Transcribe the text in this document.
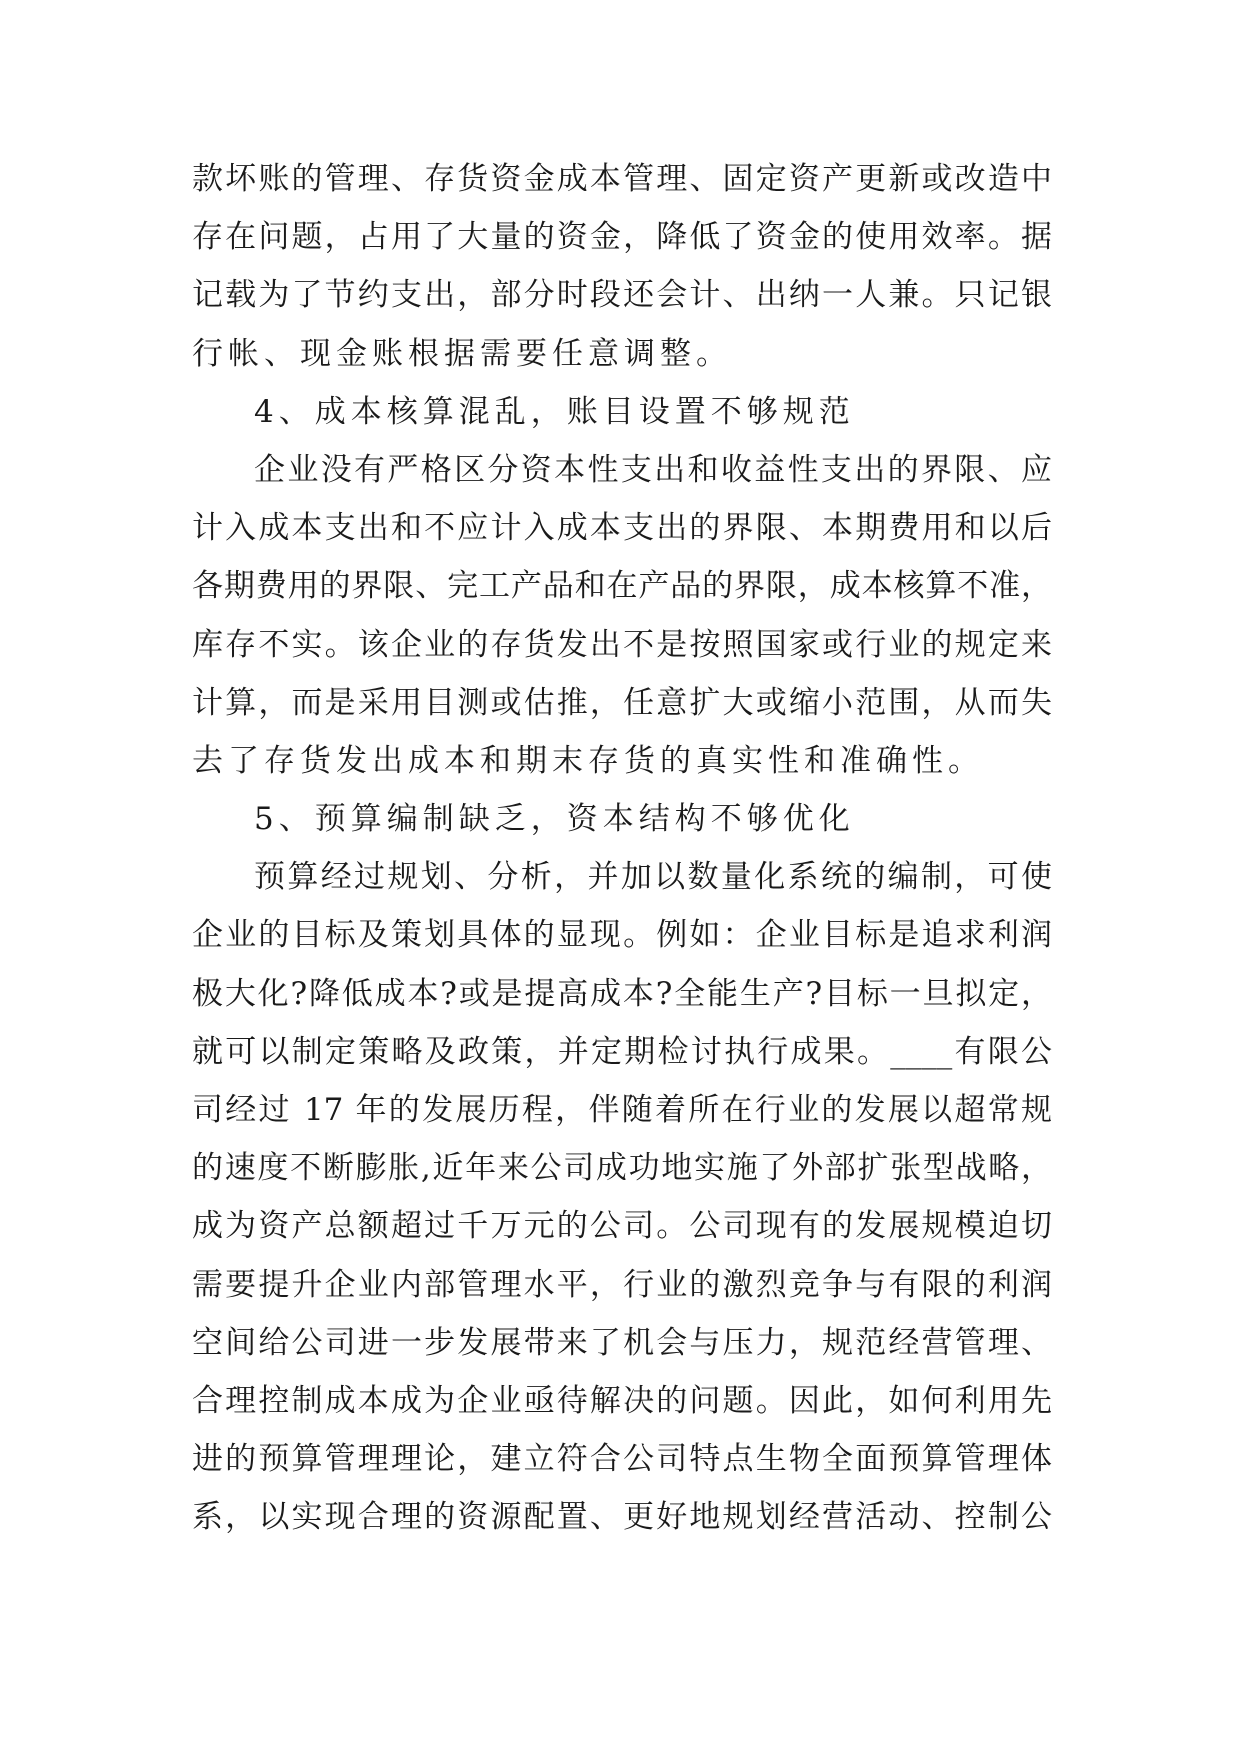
款坏账的管理、存货资金成本管理、固定资产更新或改造中
存在问题，占用了大量的资金，降低了资金的使用效率。据
记载为了节约支出，部分时段还会计、出纳一人兼。只记银
行帐、现金账根据需要任意调整。
4、成本核算混乱，账目设置不够规范
企业没有严格区分资本性支出和收益性支出的界限、应
计入成本支出和不应计入成本支出的界限、本期费用和以后
各期费用的界限、完工产品和在产品的界限，成本核算不准，
库存不实。该企业的存货发出不是按照国家或行业的规定来
计算，而是采用目测或估推，任意扩大或缩小范围，从而失
去了存货发出成本和期末存货的真实性和准确性。
5、预算编制缺乏，资本结构不够优化
预算经过规划、分析，并加以数量化系统的编制，可使
企业的目标及策划具体的显现。例如：企业目标是追求利润
极大化?降低成本?或是提高成本?全能生产?目标一旦拟定，
就可以制定策略及政策，并定期检讨执行成果。____有限公
司经过 17 年的发展历程，伴随着所在行业的发展以超常规
的速度不断膨胀,近年来公司成功地实施了外部扩张型战略，
成为资产总额超过千万元的公司。公司现有的发展规模迫切
需要提升企业内部管理水平，行业的激烈竞争与有限的利润
空间给公司进一步发展带来了机会与压力，规范经营管理、
合理控制成本成为企业亟待解决的问题。因此，如何利用先
进的预算管理理论，建立符合公司特点生物全面预算管理体
系，以实现合理的资源配置、更好地规划经营活动、控制公
